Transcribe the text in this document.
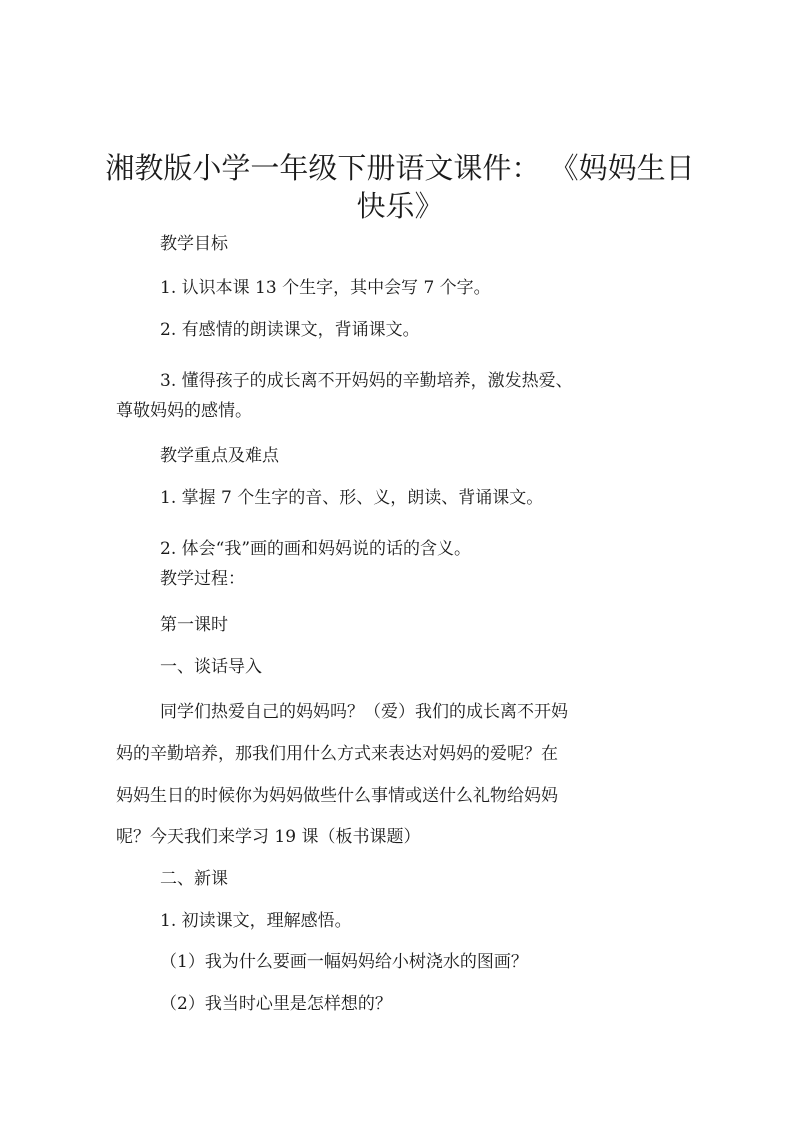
湘教版小学一年级下册语文课件： 《妈妈生日
快乐》
教学目标
1. 认识本课 13 个生字，其中会写 7 个字。
2. 有感情的朗读课文，背诵课文。
3. 懂得孩子的成长离不开妈妈的辛勤培养，激发热爱、
尊敬妈妈的感情。
教学重点及难点
1. 掌握 7 个生字的音、形、义，朗读、背诵课文。
2. 体会“我”画的画和妈妈说的话的含义。
教学过程：
第一课时
一、谈话导入
同学们热爱自己的妈妈吗？（爱）我们的成长离不开妈
妈的辛勤培养，那我们用什么方式来表达对妈妈的爱呢？在
妈妈生日的时候你为妈妈做些什么事情或送什么礼物给妈妈
呢？今天我们来学习 19 课（板书课题）
二、新课
1. 初读课文，理解感悟。
（1）我为什么要画一幅妈妈给小树浇水的图画？
（2）我当时心里是怎样想的？
